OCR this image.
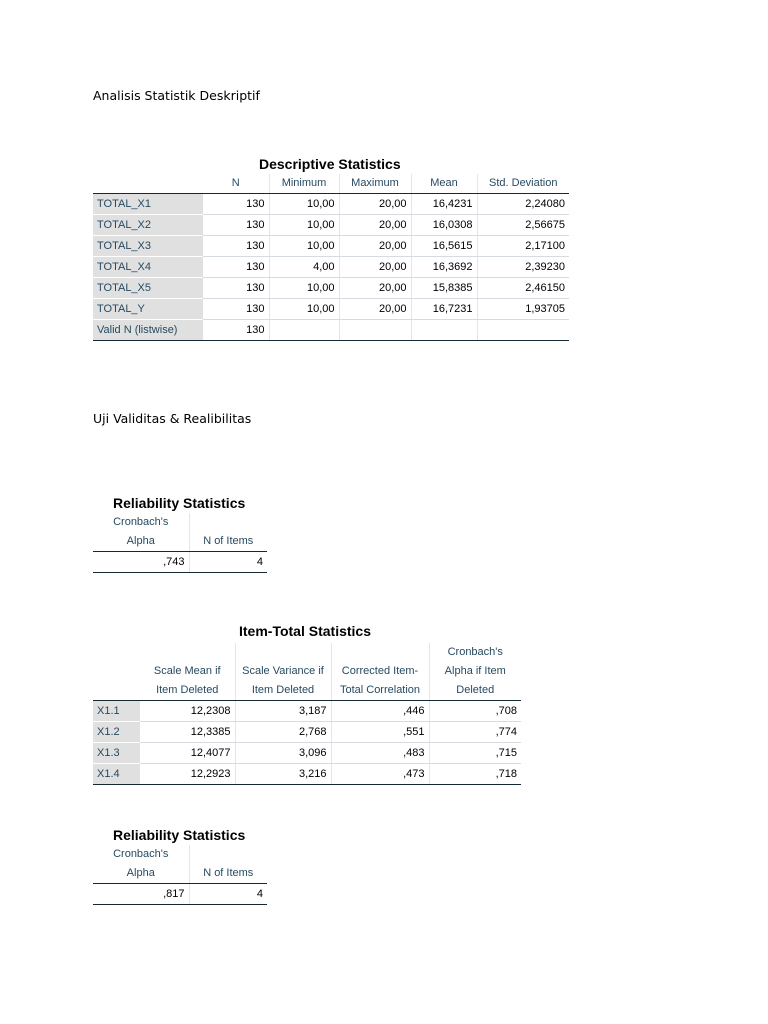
Analisis Statistik Deskriptif
Descriptive Statistics
	N	Minimum	Maximum	Mean	Std. Deviation
TOTAL_X1	130	10,00	20,00	16,4231	2,24080
TOTAL_X2	130	10,00	20,00	16,0308	2,56675
TOTAL_X3	130	10,00	20,00	16,5615	2,17100
TOTAL_X4	130	4,00	20,00	16,3692	2,39230
TOTAL_X5	130	10,00	20,00	15,8385	2,46150
TOTAL_Y	130	10,00	20,00	16,7231	1,93705
Valid N (listwise)	130				
Uji Validitas & Realibilitas
Reliability Statistics
Cronbach's	
Alpha	N of Items
,743	4
Item-Total Statistics
				Cronbach's
	Scale Mean if	Scale Variance if	Corrected Item-	Alpha if Item
	Item Deleted	Item Deleted	Total Correlation	Deleted
X1.1	12,2308	3,187	,446	,708
X1.2	12,3385	2,768	,551	,774
X1.3	12,4077	3,096	,483	,715
X1.4	12,2923	3,216	,473	,718
Reliability Statistics
Cronbach's	
Alpha	N of Items
,817	4
